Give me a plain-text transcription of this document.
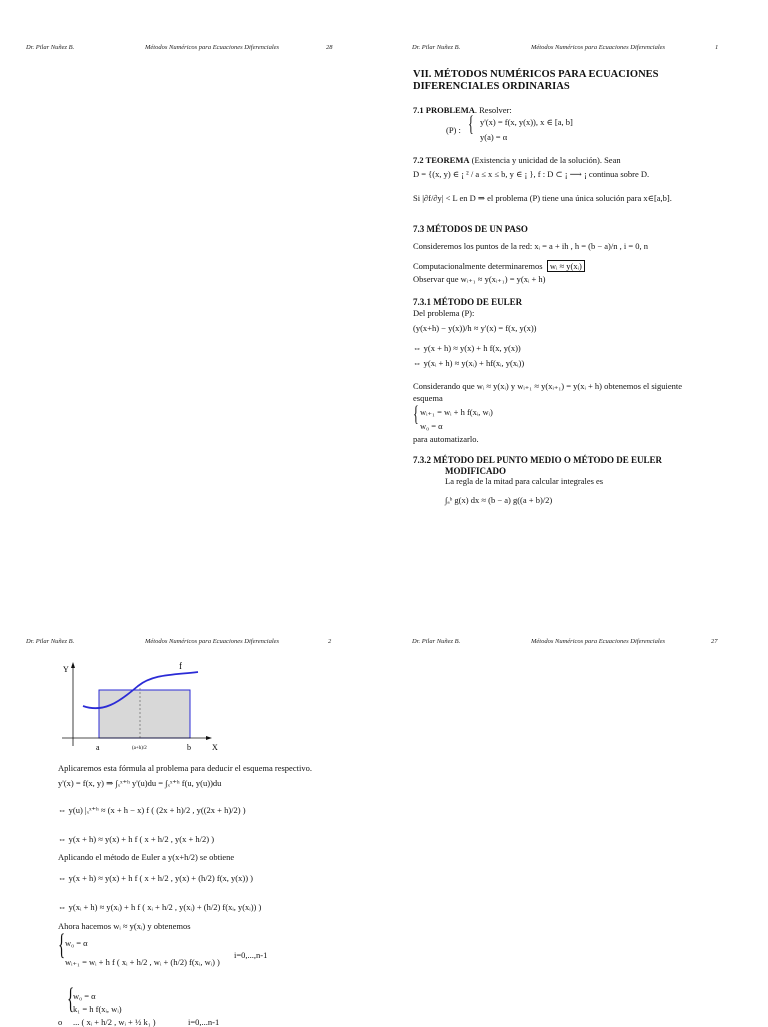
Dr. Pilar Nuñez B.	Métodos Numéricos para Ecuaciones Diferenciales	28	Dr. Pilar Nuñez B.	Métodos Numéricos para Ecuaciones Diferenciales	1
VII. MÉTODOS NUMÉRICOS PARA ECUACIONES DIFERENCIALES ORDINARIAS
7.1 PROBLEMA. Resolver:
(P) : { y'(x) = f(x, y(x)), x ∈ [a, b]
y(a) = α
7.2 TEOREMA (Existencia y unicidad de la solución). Sean
D = {(x, y) ∈ ¡ ² / a ≤ x ≤ b, y ∈ ¡ }, f : D ⊂ ¡ ⟶ ¡ continua sobre D.
Si |∂f/∂y| < L en D ⇒ el problema (P) tiene una única solución para x∈[a,b].
7.3 MÉTODOS DE UN PASO
Consideremos los puntos de la red: xᵢ = a + ih , h = (b − a)/n , i = 0, n
Computacionalmente determinaremos wᵢ ≈ y(xᵢ)
Observar que wᵢ₊₁ ≈ y(xᵢ₊₁) = y(xᵢ + h)
7.3.1 MÉTODO DE EULER
Del problema (P):
(y(x+h) − y(x))/h ≈ y'(x) = f(x, y(x))
⇔ y(x + h) ≈ y(x) + h f(x, y(x))
⇔ y(xᵢ + h) ≈ y(xᵢ) + hf(xᵢ, y(xᵢ))
Considerando que wᵢ ≈ y(xᵢ) y wᵢ₊₁ ≈ y(xᵢ₊₁) = y(xᵢ + h) obtenemos el siguiente
esquema
{ wᵢ₊₁ = wᵢ + h f(xᵢ, wᵢ)
w₀ = α
para automatizarlo.
7.3.2 MÉTODO DEL PUNTO MEDIO O MÉTODO DE EULER
MODIFICADO
La regla de la mitad para calcular integrales es
∫ₐᵇ g(x) dx ≈ (b − a) g((a + b)/2)
Dr. Pilar Nuñez B.	Métodos Numéricos para Ecuaciones Diferenciales	2
Y
X
f
a	b
(a+h)/2
Aplicaremos esta fórmula al problema para deducir el esquema respectivo.
y'(x) = f(x, y) ⇒ ∫ₓˣ⁺ʰ y'(u)du = ∫ₓˣ⁺ʰ f(u, y(u))du
⇔ y(u) |ₓˣ⁺ʰ ≈ (x + h − x) f ( (2x + h)/2 , y((2x + h)/2) )
⇔ y(x + h) ≈ y(x) + h f ( x + h/2 , y(x + h/2) )
Aplicando el método de Euler a y(x+h/2) se obtiene
⇔ y(x + h) ≈ y(x) + h f ( x + h/2 , y(x) + (h/2) f(x, y(x)) )
⇔ y(xᵢ + h) ≈ y(xᵢ) + h f ( xᵢ + h/2 , y(xᵢ) + (h/2) f(xᵢ, y(xᵢ)) )
Ahora hacemos wᵢ ≈ y(xᵢ) y obtenemos
{ w₀ = α
wᵢ₊₁ = wᵢ + h f ( xᵢ + h/2 , wᵢ + (h/2) f(xᵢ, wᵢ) )
i=0,...,n-1
{
w₀ = α
k₁ = h f(xᵢ, wᵢ)
o ... ( xᵢ + h/2 , wᵢ + ½ k₁ )	i=0,...n-1
Dr. Pilar Nuñez B.	Métodos Numéricos para Ecuaciones Diferenciales	27
